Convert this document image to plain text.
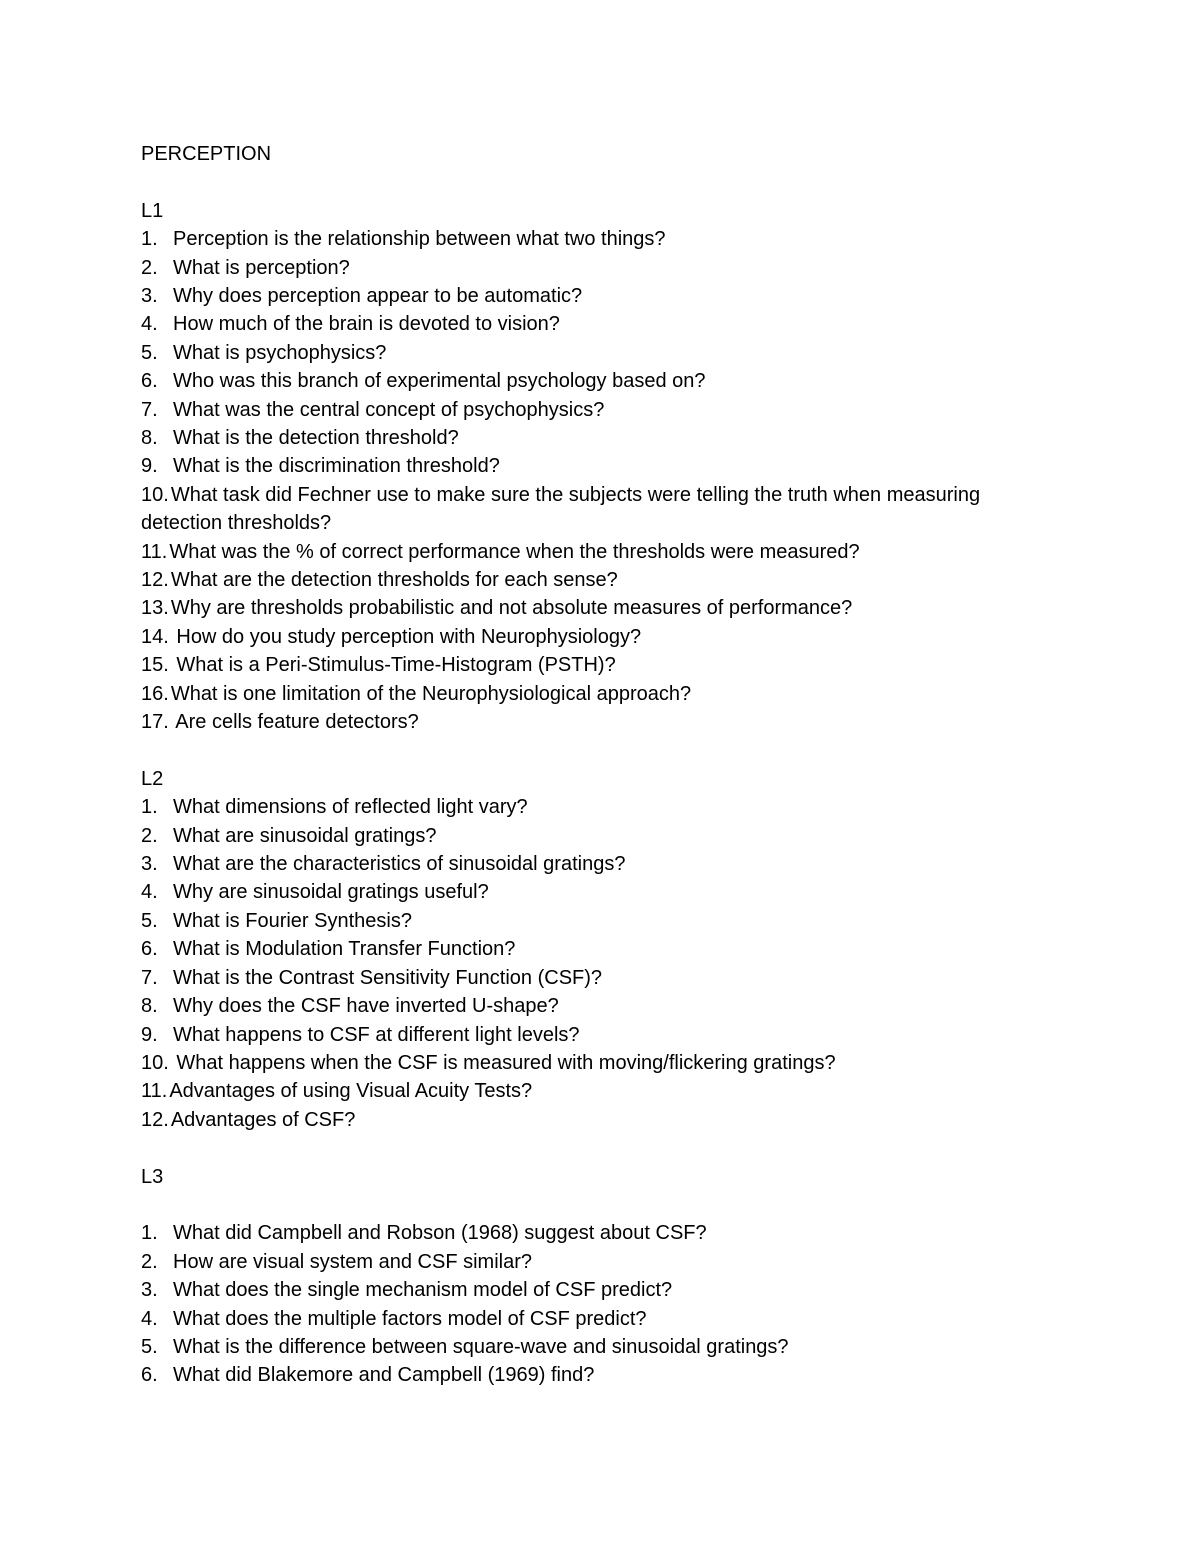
PERCEPTION
L1
1. Perception is the relationship between what two things?
2. What is perception?
3. Why does perception appear to be automatic?
4. How much of the brain is devoted to vision?
5. What is psychophysics?
6. Who was this branch of experimental psychology based on?
7. What was the central concept of psychophysics?
8. What is the detection threshold?
9. What is the discrimination threshold?
10. What task did Fechner use to make sure the subjects were telling the truth when measuring detection thresholds?
11. What was the % of correct performance when the thresholds were measured?
12. What are the detection thresholds for each sense?
13. Why are thresholds probabilistic and not absolute measures of performance?
14. How do you study perception with Neurophysiology?
15. What is a Peri-Stimulus-Time-Histogram (PSTH)?
16. What is one limitation of the Neurophysiological approach?
17. Are cells feature detectors?
L2
1. What dimensions of reflected light vary?
2. What are sinusoidal gratings?
3. What are the characteristics of sinusoidal gratings?
4. Why are sinusoidal gratings useful?
5. What is Fourier Synthesis?
6. What is Modulation Transfer Function?
7. What is the Contrast Sensitivity Function (CSF)?
8. Why does the CSF have inverted U-shape?
9. What happens to CSF at different light levels?
10. What happens when the CSF is measured with moving/flickering gratings?
11. Advantages of using Visual Acuity Tests?
12. Advantages of CSF?
L3
1. What did Campbell and Robson (1968) suggest about CSF?
2. How are visual system and CSF similar?
3. What does the single mechanism model of CSF predict?
4. What does the multiple factors model of CSF predict?
5. What is the difference between square-wave and sinusoidal gratings?
6. What did Blakemore and Campbell (1969) find?
